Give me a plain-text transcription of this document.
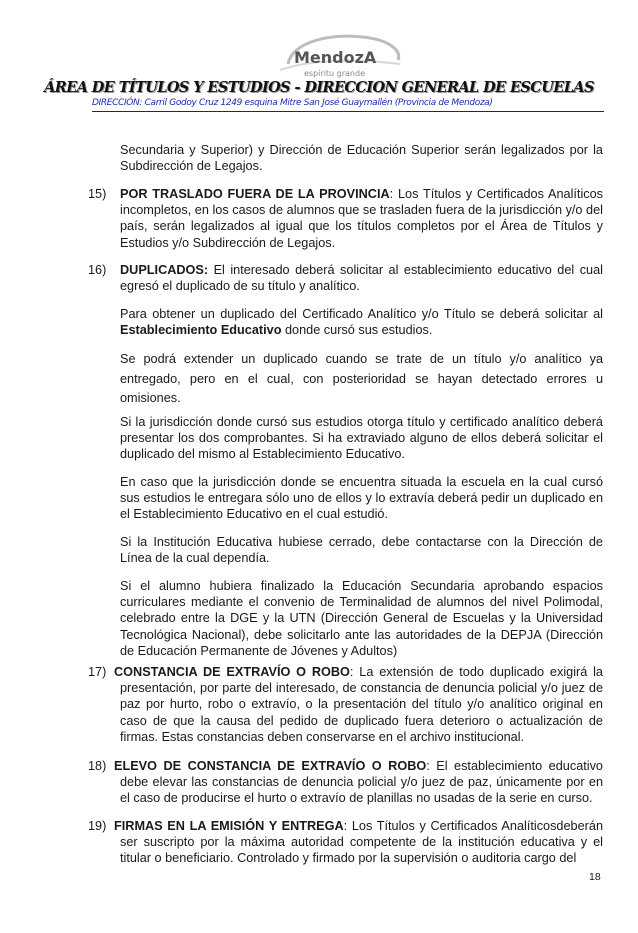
MendozA
espíritu grande
ÁREA DE TÍTULOS Y ESTUDIOS - DIRECCION GENERAL DE ESCUELAS
DIRECCIÓN: Carril Godoy Cruz 1249 esquina Mitre San José Guaymallén (Provincia de Mendoza)

Secundaria y Superior) y Dirección de Educación Superior serán legalizados por la Subdirección de Legajos.

15) POR TRASLADO FUERA DE LA PROVINCIA: Los Títulos y Certificados Analíticos incompletos, en los casos de alumnos que se trasladen fuera de la jurisdicción y/o del país, serán legalizados al igual que los títulos completos por el Área de Títulos y Estudios y/o Subdirección de Legajos.

16) DUPLICADOS: El interesado deberá solicitar al establecimiento educativo del cual egresó el duplicado de su título y analítico.

Para obtener un duplicado del Certificado Analítico y/o Título se deberá solicitar al Establecimiento Educativo donde cursó sus estudios.

Se podrá extender un duplicado cuando se trate de un título y/o analítico ya entregado, pero en el cual, con posterioridad se hayan detectado errores u omisiones.

Si la jurisdicción donde cursó sus estudios otorga título y certificado analítico deberá presentar los dos comprobantes. Si ha extraviado alguno de ellos deberá solicitar el duplicado del mismo al Establecimiento Educativo.

En caso que la jurisdicción donde se encuentra situada la escuela en la cual cursó sus estudios le entregara sólo uno de ellos y lo extravía deberá pedir un duplicado en el Establecimiento Educativo en el cual estudió.

Si la Institución Educativa hubiese cerrado, debe contactarse con la Dirección de Línea de la cual dependía.

Si el alumno hubiera finalizado la Educación Secundaria aprobando espacios curriculares mediante el convenio de Terminalidad de alumnos del nivel Polimodal, celebrado entre la DGE y la UTN (Dirección General de Escuelas y la Universidad Tecnológica Nacional), debe solicitarlo ante las autoridades de la DEPJA (Dirección de Educación Permanente de Jóvenes y Adultos)

17) CONSTANCIA DE EXTRAVÍO O ROBO: La extensión de todo duplicado exigirá la presentación, por parte del interesado, de constancia de denuncia policial y/o juez de paz por hurto, robo o extravío, o la presentación del título y/o analítico original en caso de que la causa del pedido de duplicado fuera deterioro o actualización de firmas. Estas constancias deben conservarse en el archivo institucional.

18) ELEVO DE CONSTANCIA DE EXTRAVÍO O ROBO: El establecimiento educativo debe elevar las constancias de denuncia policial y/o juez de paz, únicamente por en el caso de producirse el hurto o extravío de planillas no usadas de la serie en curso.

19) FIRMAS EN LA EMISIÓN Y ENTREGA: Los Títulos y Certificados Analíticosdeberán ser suscripto por la máxima autoridad competente de la institución educativa y el titular o beneficiario. Controlado y firmado por la supervisión o auditoria cargo del

18
